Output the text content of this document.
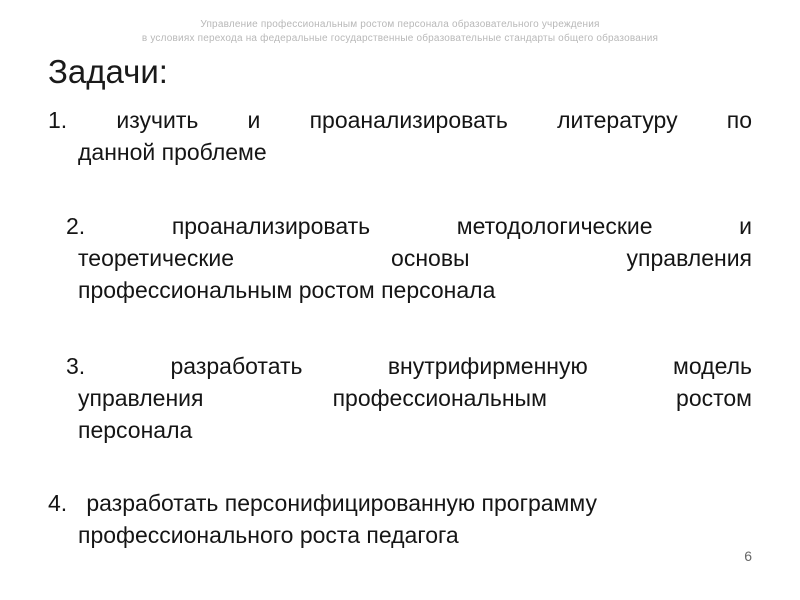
Управление профессиональным ростом персонала образовательного учреждения
в условиях перехода на федеральные государственные образовательные стандарты общего образования
Задачи:
1. изучить и проанализировать литературу по
данной проблеме
2.	проанализировать методологические и
теоретические основы управления
профессиональным ростом персонала
3.	разработать внутрифирменную модель
управления профессиональным ростом
персонала
4. разработать персонифицированную программу
профессионального роста педагога
6
